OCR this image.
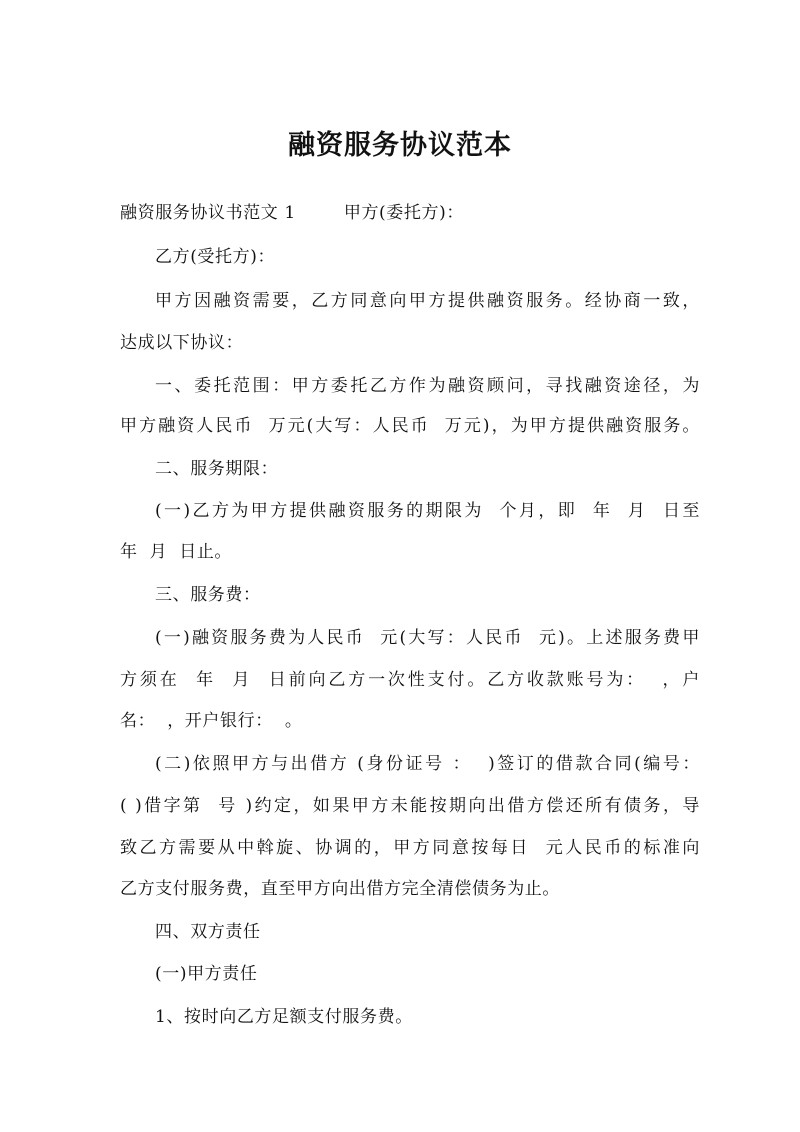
融资服务协议范本

融资服务协议书范文 1        甲方(委托方)：

乙方(受托方)：

甲方因融资需要，乙方同意向甲方提供融资服务。经协商一致，

达成以下协议：

一、委托范围：甲方委托乙方作为融资顾问，寻找融资途径，为

甲方融资人民币  万元(大写：人民币  万元)，为甲方提供融资服务。

二、服务期限：

(一)乙方为甲方提供融资服务的期限为  个月，即  年  月  日至

年  月  日止。

三、服务费：

(一)融资服务费为人民币  元(大写：人民币  元)。上述服务费甲

方须在  年  月  日前向乙方一次性支付。乙方收款账号为：  ，户

名：  ，开户银行：  。

(二)依照甲方与出借方 (身份证号 ：  )签订的借款合同(编号：

( )借字第  号 )约定，如果甲方未能按期向出借方偿还所有债务，导

致乙方需要从中斡旋、协调的，甲方同意按每日  元人民币的标准向

乙方支付服务费，直至甲方向出借方完全清偿债务为止。

四、双方责任

(一)甲方责任

1、按时向乙方足额支付服务费。
